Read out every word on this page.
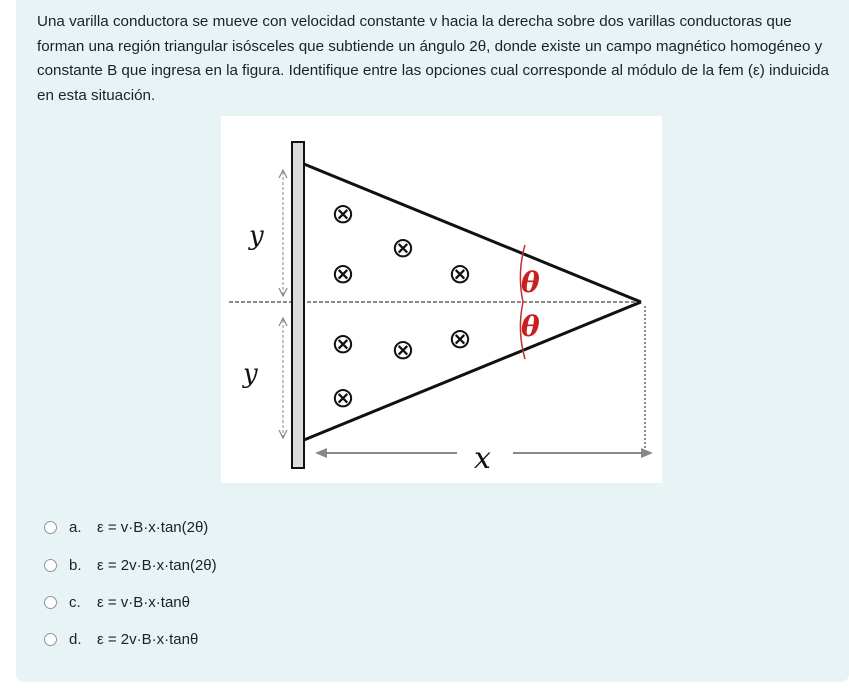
Una varilla conductora se mueve con velocidad constante v hacia la derecha sobre dos varillas conductoras que forman una región triangular isósceles que subtiende un ángulo 2θ, donde existe un campo magnético homogéneo y constante B que ingresa en la figura. Identifique entre las opciones cual corresponde al módulo de la fem (ε) induicida en esta situación.

y
y
θ
θ
x
⊗
⊗
⊗	⊗
⊗ ⊗ ⊗
⊗
a.	ε = v·B·x·tan(2θ)
b.	ε = 2v·B·x·tan(2θ)
c.	ε = v·B·x·tanθ
d.	ε = 2v·B·x·tanθ
